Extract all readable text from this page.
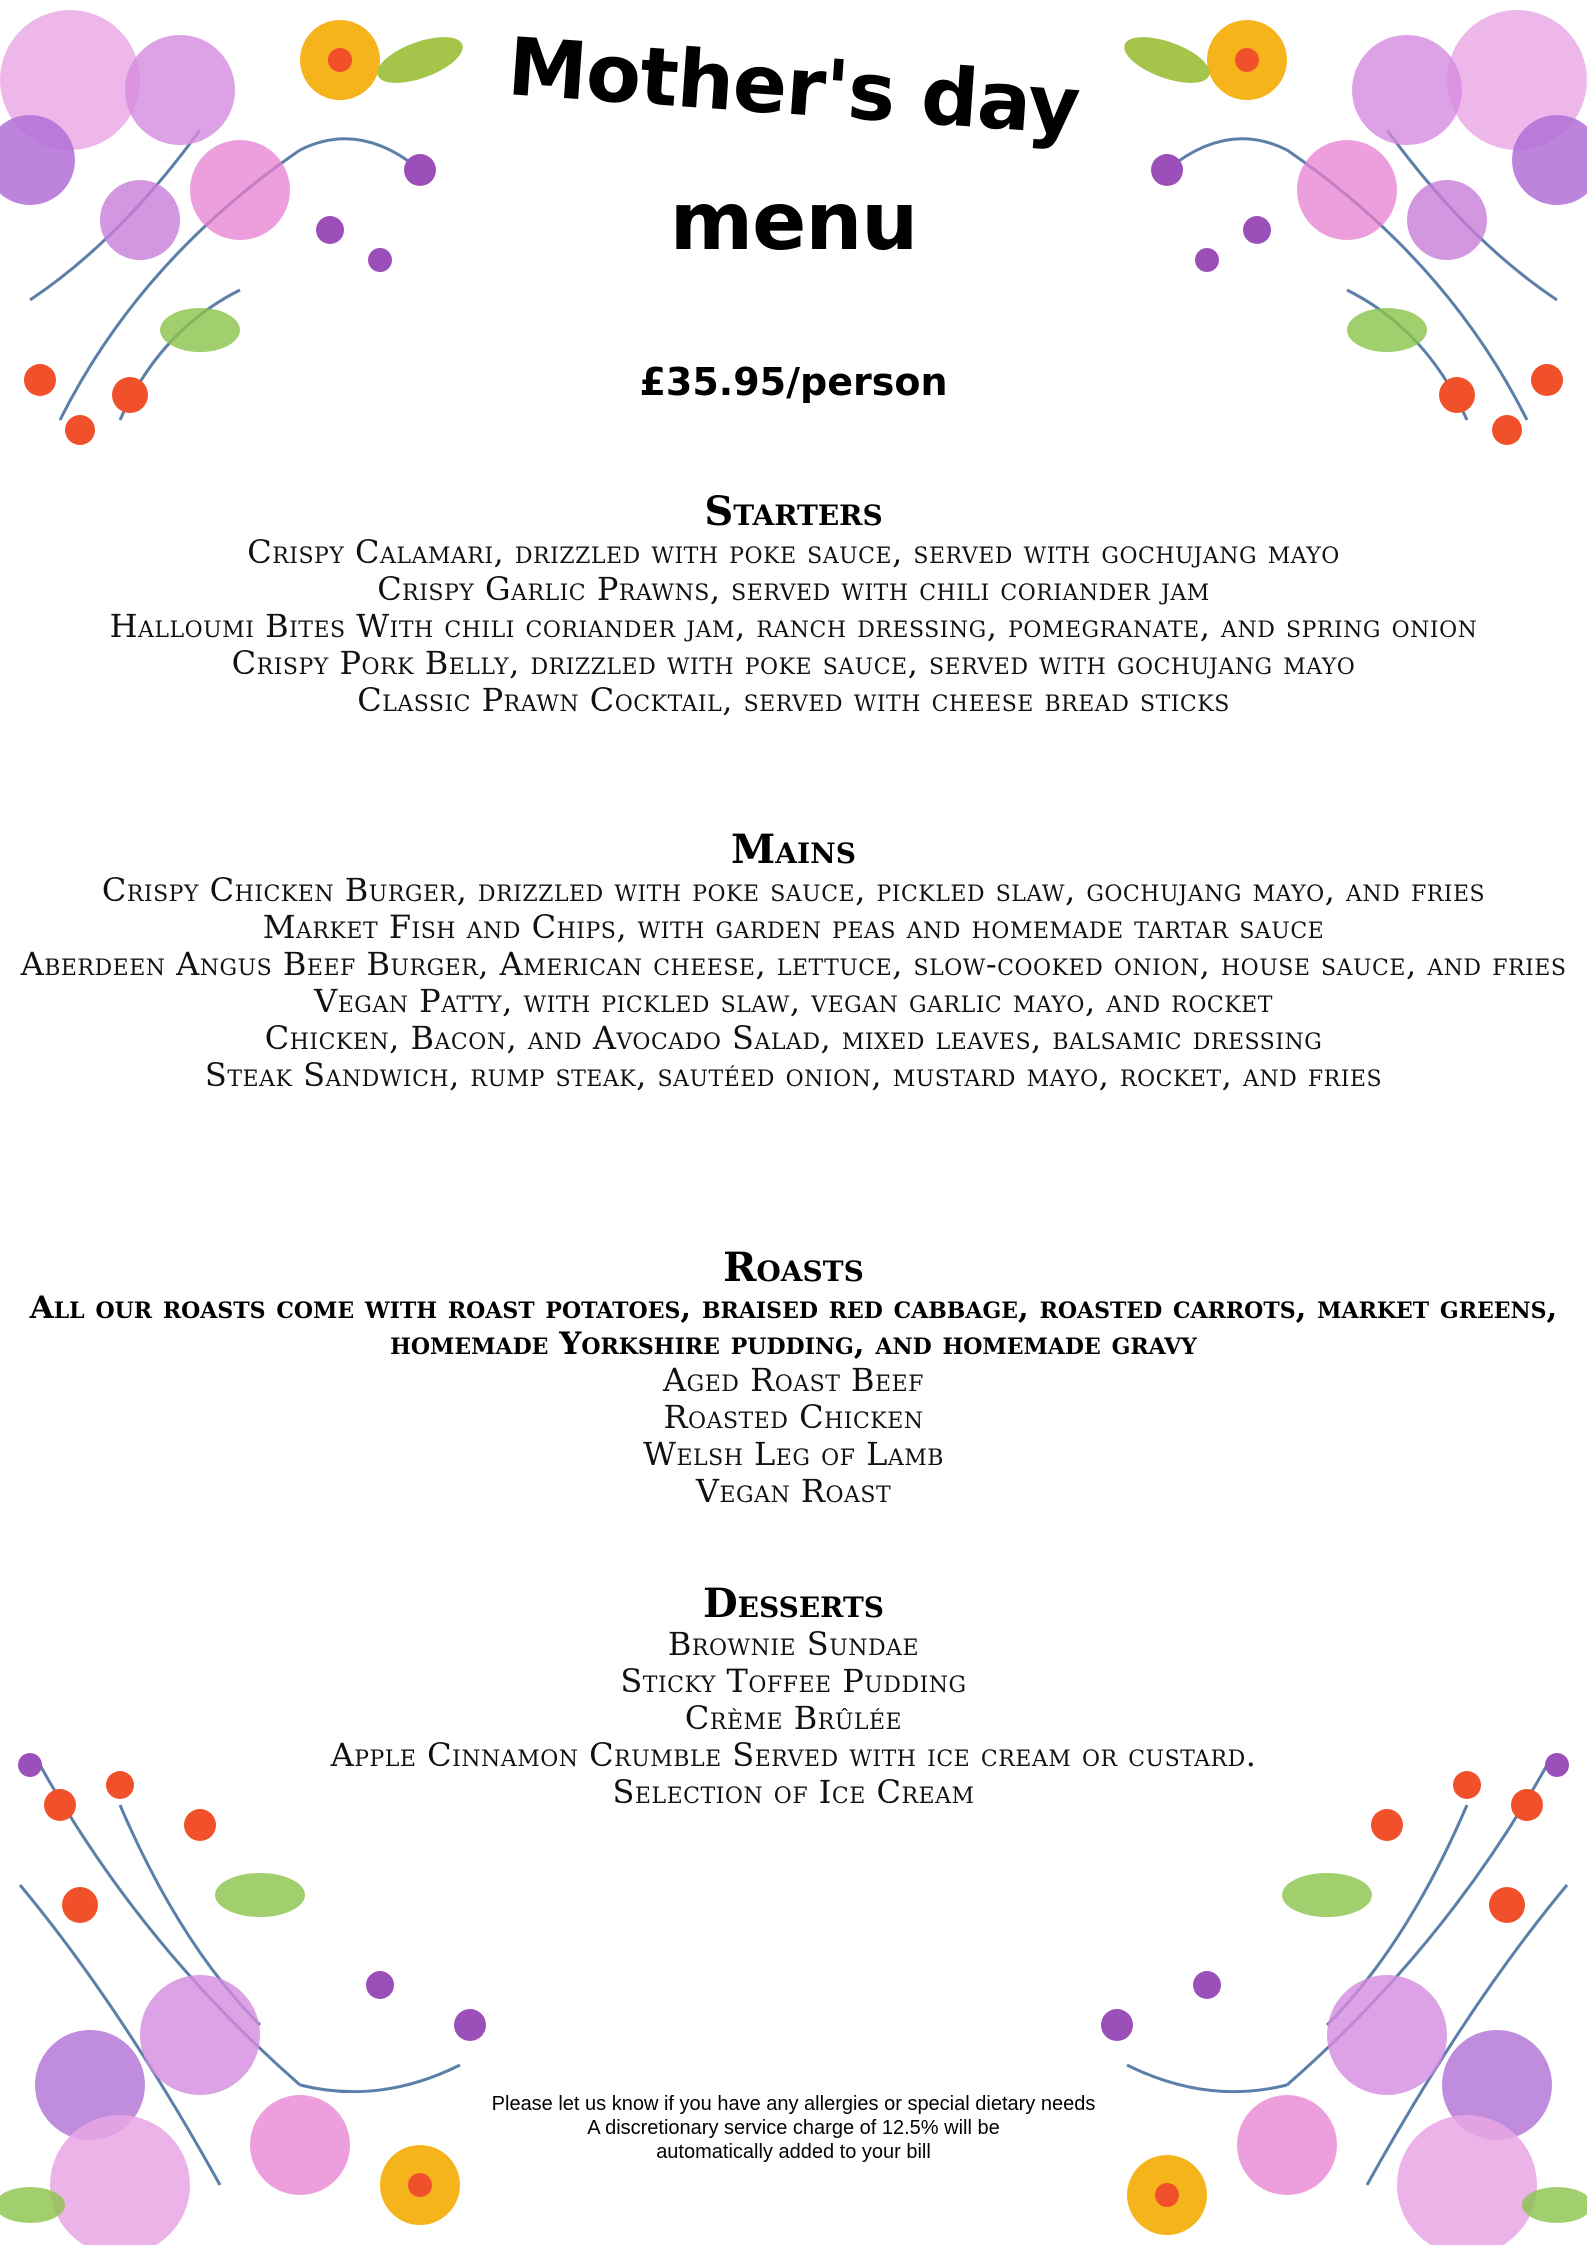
Mother's day
menu
£35.95/person
Starters
Crispy Calamari, drizzled with poke sauce, served with gochujang mayo
Crispy Garlic Prawns, served with chili coriander jam
Halloumi Bites With chili coriander jam, ranch dressing, pomegranate, and spring onion
Crispy Pork Belly, drizzled with poke sauce, served with gochujang mayo
Classic Prawn Cocktail, served with cheese bread sticks
Mains
Crispy Chicken Burger, drizzled with poke sauce, pickled slaw, gochujang mayo, and fries
Market Fish and Chips, with garden peas and homemade tartar sauce
Aberdeen Angus Beef Burger, American cheese, lettuce, slow-cooked onion, house sauce, and fries
Vegan Patty, with pickled slaw, vegan garlic mayo, and rocket
Chicken, Bacon, and Avocado Salad, mixed leaves, balsamic dressing
Steak Sandwich, rump steak, sautéed onion, mustard mayo, rocket, and fries
Roasts

All our roasts come with roast potatoes, braised red cabbage, roasted carrots, market greens, homemade Yorkshire pudding, and homemade gravy

Aged Roast Beef
Roasted Chicken
Welsh Leg of Lamb
Vegan Roast
Desserts
Brownie Sundae
Sticky Toffee Pudding
Crème Brûlée
Apple Cinnamon Crumble Served with ice cream or custard.
Selection of Ice Cream
Please let us know if you have any allergies or special dietary needs
A discretionary service charge of 12.5% will be
automatically added to your bill
